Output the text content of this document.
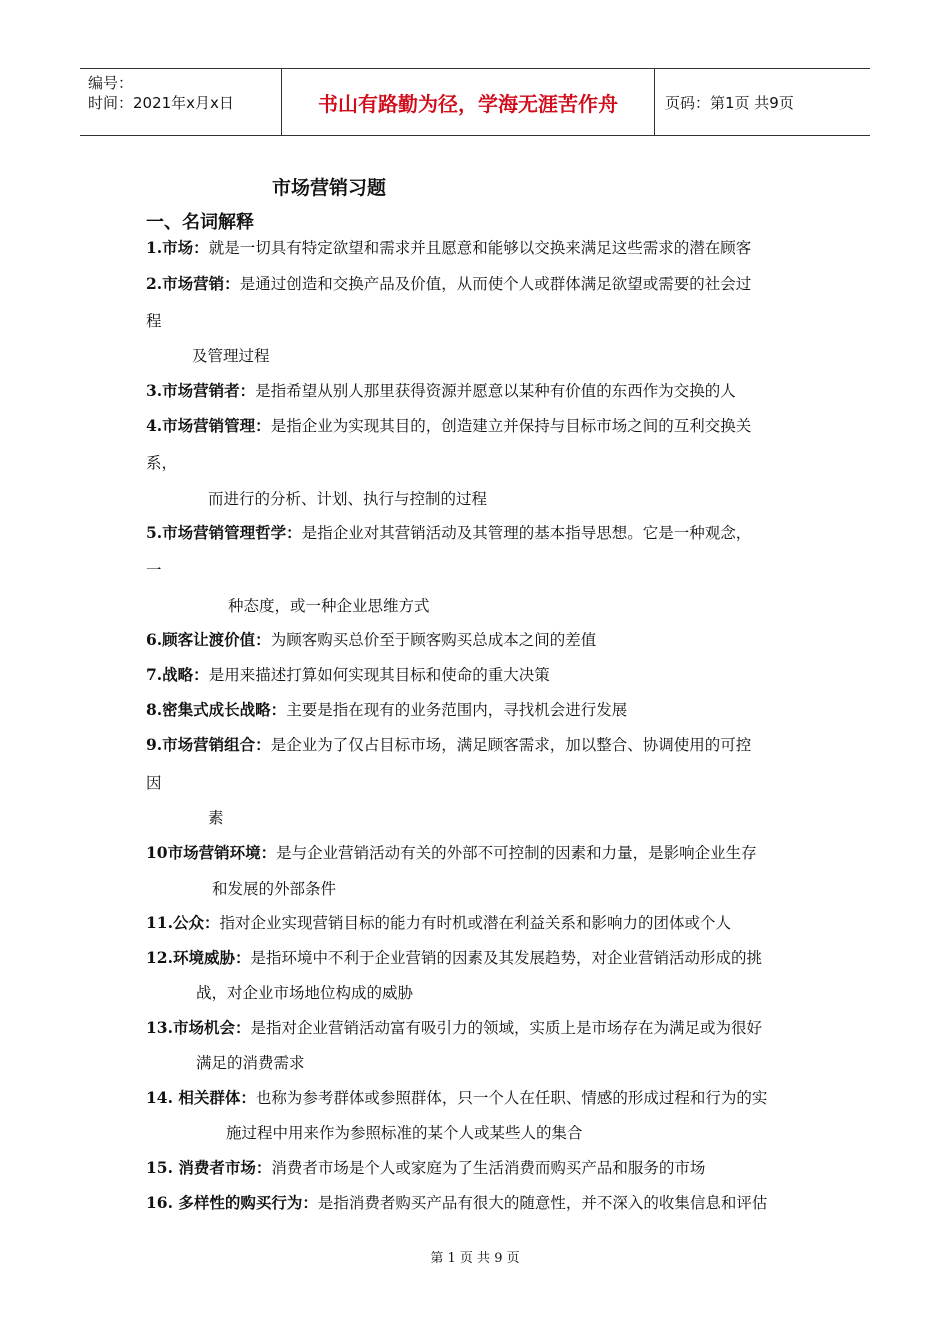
编号：
时间：2021年x月x日	书山有路勤为径，学海无涯苦作舟	页码：第1页 共9页
市场营销习题
一、名词解释
1.市场：就是一切具有特定欲望和需求并且愿意和能够以交换来满足这些需求的潜在顾客
2.市场营销：是通过创造和交换产品及价值，从而使个人或群体满足欲望或需要的社会过
程
及管理过程
3.市场营销者：是指希望从别人那里获得资源并愿意以某种有价值的东西作为交换的人
4.市场营销管理：是指企业为实现其目的，创造建立并保持与目标市场之间的互利交换关
系，
而进行的分析、计划、执行与控制的过程
5.市场营销管理哲学：是指企业对其营销活动及其管理的基本指导思想。它是一种观念，
一
种态度，或一种企业思维方式
6.顾客让渡价值：为顾客购买总价至于顾客购买总成本之间的差值
7.战略：是用来描述打算如何实现其目标和使命的重大决策
8.密集式成长战略：主要是指在现有的业务范围内，寻找机会进行发展
9.市场营销组合：是企业为了仅占目标市场，满足顾客需求，加以整合、协调使用的可控
因
素
10市场营销环境：是与企业营销活动有关的外部不可控制的因素和力量，是影响企业生存
和发展的外部条件
11.公众：指对企业实现营销目标的能力有时机或潜在利益关系和影响力的团体或个人
12.环境威胁：是指环境中不利于企业营销的因素及其发展趋势，对企业营销活动形成的挑
战，对企业市场地位构成的威胁
13.市场机会：是指对企业营销活动富有吸引力的领域，实质上是市场存在为满足或为很好
满足的消费需求
14. 相关群体：也称为参考群体或参照群体，只一个人在任职、情感的形成过程和行为的实
施过程中用来作为参照标准的某个人或某些人的集合
15. 消费者市场：消费者市场是个人或家庭为了生活消费而购买产品和服务的市场
16. 多样性的购买行为：是指消费者购买产品有很大的随意性，并不深入的收集信息和评估
第 1 页 共 9 页
